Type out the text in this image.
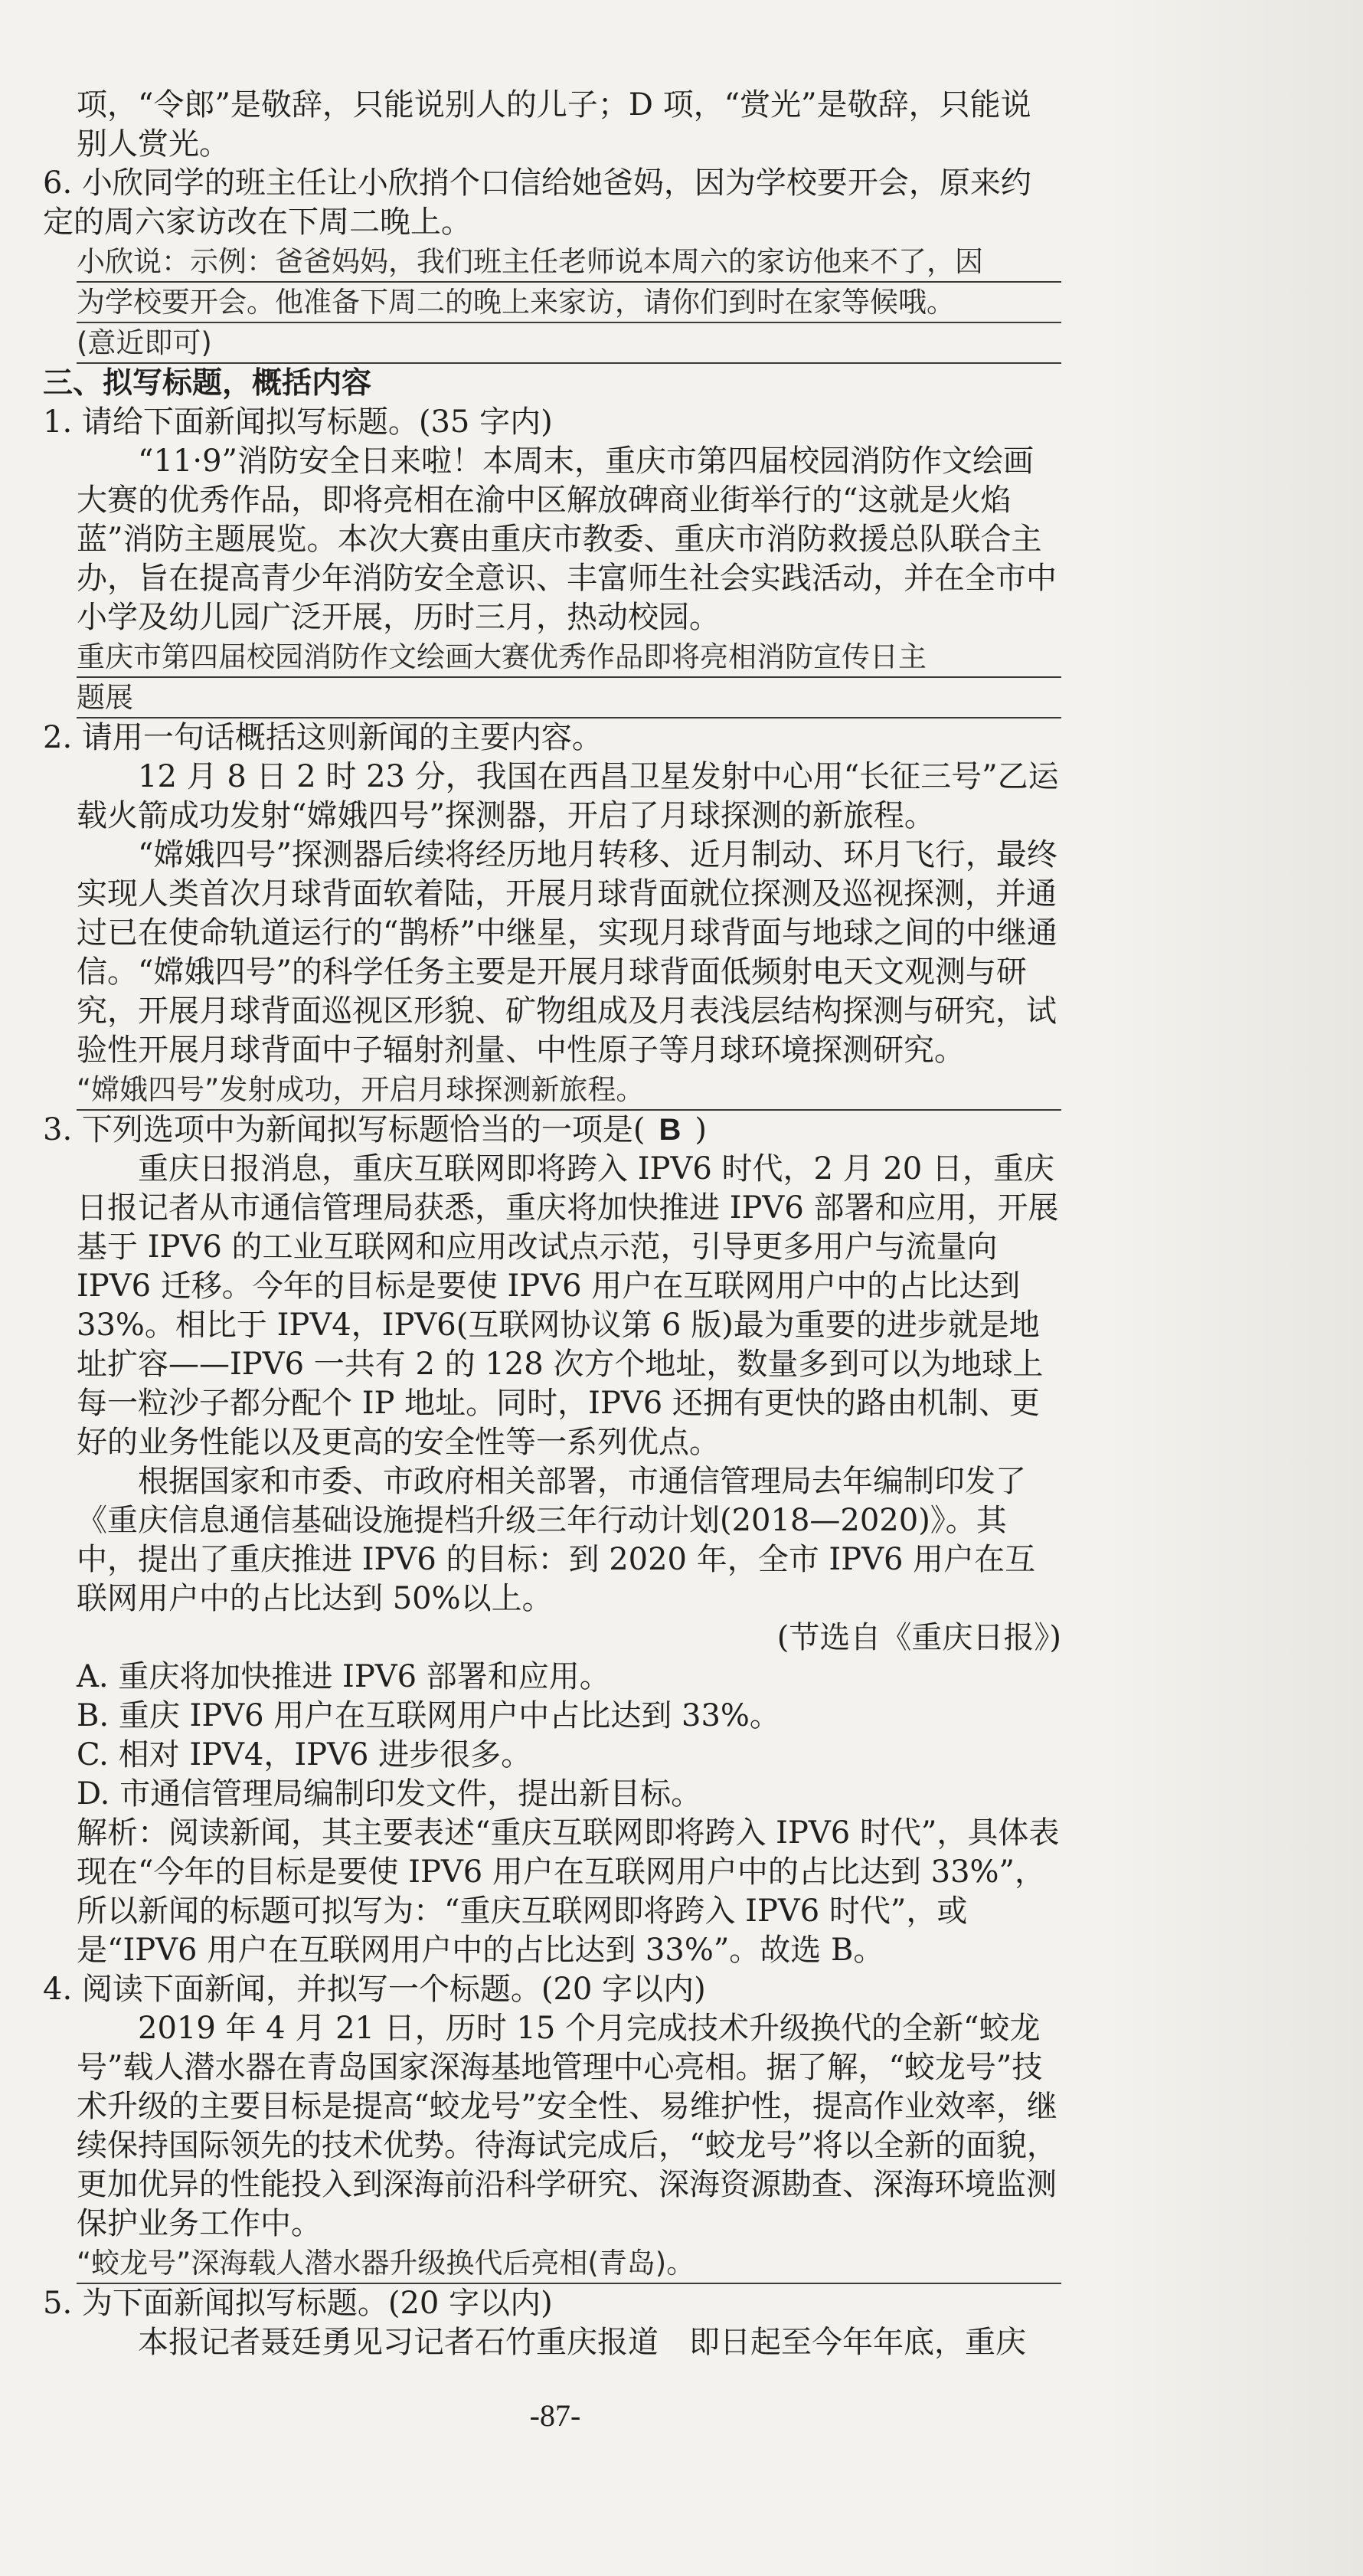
项，“令郎”是敬辞，只能说别人的儿子；D 项，“赏光”是敬辞，只能说别人赏光。

6. 小欣同学的班主任让小欣捎个口信给她爸妈，因为学校要开会，原来约定的周六家访改在下周二晚上。

小欣说：示例：爸爸妈妈，我们班主任老师说本周六的家访他来不了，因
为学校要开会。他准备下周二的晚上来家访，请你们到时在家等候哦。
(意近即可)

三、拟写标题，概括内容

1. 请给下面新闻拟写标题。(35 字内)

“11·9”消防安全日来啦！本周末，重庆市第四届校园消防作文绘画大赛的优秀作品，即将亮相在渝中区解放碑商业街举行的“这就是火焰蓝”消防主题展览。本次大赛由重庆市教委、重庆市消防救援总队联合主办，旨在提高青少年消防安全意识、丰富师生社会实践活动，并在全市中小学及幼儿园广泛开展，历时三月，热动校园。

重庆市第四届校园消防作文绘画大赛优秀作品即将亮相消防宣传日主
题展

2. 请用一句话概括这则新闻的主要内容。

12 月 8 日 2 时 23 分，我国在西昌卫星发射中心用“长征三号”乙运载火箭成功发射“嫦娥四号”探测器，开启了月球探测的新旅程。

“嫦娥四号”探测器后续将经历地月转移、近月制动、环月飞行，最终实现人类首次月球背面软着陆，开展月球背面就位探测及巡视探测，并通过已在使命轨道运行的“鹊桥”中继星，实现月球背面与地球之间的中继通信。“嫦娥四号”的科学任务主要是开展月球背面低频射电天文观测与研究，开展月球背面巡视区形貌、矿物组成及月表浅层结构探测与研究，试验性开展月球背面中子辐射剂量、中性原子等月球环境探测研究。

“嫦娥四号”发射成功，开启月球探测新旅程。

3. 下列选项中为新闻拟写标题恰当的一项是( B )

重庆日报消息，重庆互联网即将跨入 IPV6 时代，2 月 20 日，重庆日报记者从市通信管理局获悉，重庆将加快推进 IPV6 部署和应用，开展基于 IPV6 的工业互联网和应用改试点示范，引导更多用户与流量向 IPV6 迁移。今年的目标是要使 IPV6 用户在互联网用户中的占比达到 33%。相比于 IPV4，IPV6(互联网协议第 6 版)最为重要的进步就是地址扩容——IPV6 一共有 2 的 128 次方个地址，数量多到可以为地球上每一粒沙子都分配个 IP 地址。同时，IPV6 还拥有更快的路由机制、更好的业务性能以及更高的安全性等一系列优点。

根据国家和市委、市政府相关部署，市通信管理局去年编制印发了《重庆信息通信基础设施提档升级三年行动计划(2018—2020)》。其中，提出了重庆推进 IPV6 的目标：到 2020 年，全市 IPV6 用户在互联网用户中的占比达到 50%以上。

(节选自《重庆日报》)

A. 重庆将加快推进 IPV6 部署和应用。

B. 重庆 IPV6 用户在互联网用户中占比达到 33%。

C. 相对 IPV4，IPV6 进步很多。

D. 市通信管理局编制印发文件，提出新目标。

解析：阅读新闻，其主要表述“重庆互联网即将跨入 IPV6 时代”，具体表现在“今年的目标是要使 IPV6 用户在互联网用户中的占比达到 33%”，所以新闻的标题可拟写为：“重庆互联网即将跨入 IPV6 时代”，或是“IPV6 用户在互联网用户中的占比达到 33%”。故选 B。

4. 阅读下面新闻，并拟写一个标题。(20 字以内)

2019 年 4 月 21 日，历时 15 个月完成技术升级换代的全新“蛟龙号”载人潜水器在青岛国家深海基地管理中心亮相。据了解，“蛟龙号”技术升级的主要目标是提高“蛟龙号”安全性、易维护性，提高作业效率，继续保持国际领先的技术优势。待海试完成后，“蛟龙号”将以全新的面貌，更加优异的性能投入到深海前沿科学研究、深海资源勘查、深海环境监测保护业务工作中。

“蛟龙号”深海载人潜水器升级换代后亮相(青岛)。

5. 为下面新闻拟写标题。(20 字以内)

本报记者聂廷勇见习记者石竹重庆报道　即日起至今年年底，重庆

-87-
